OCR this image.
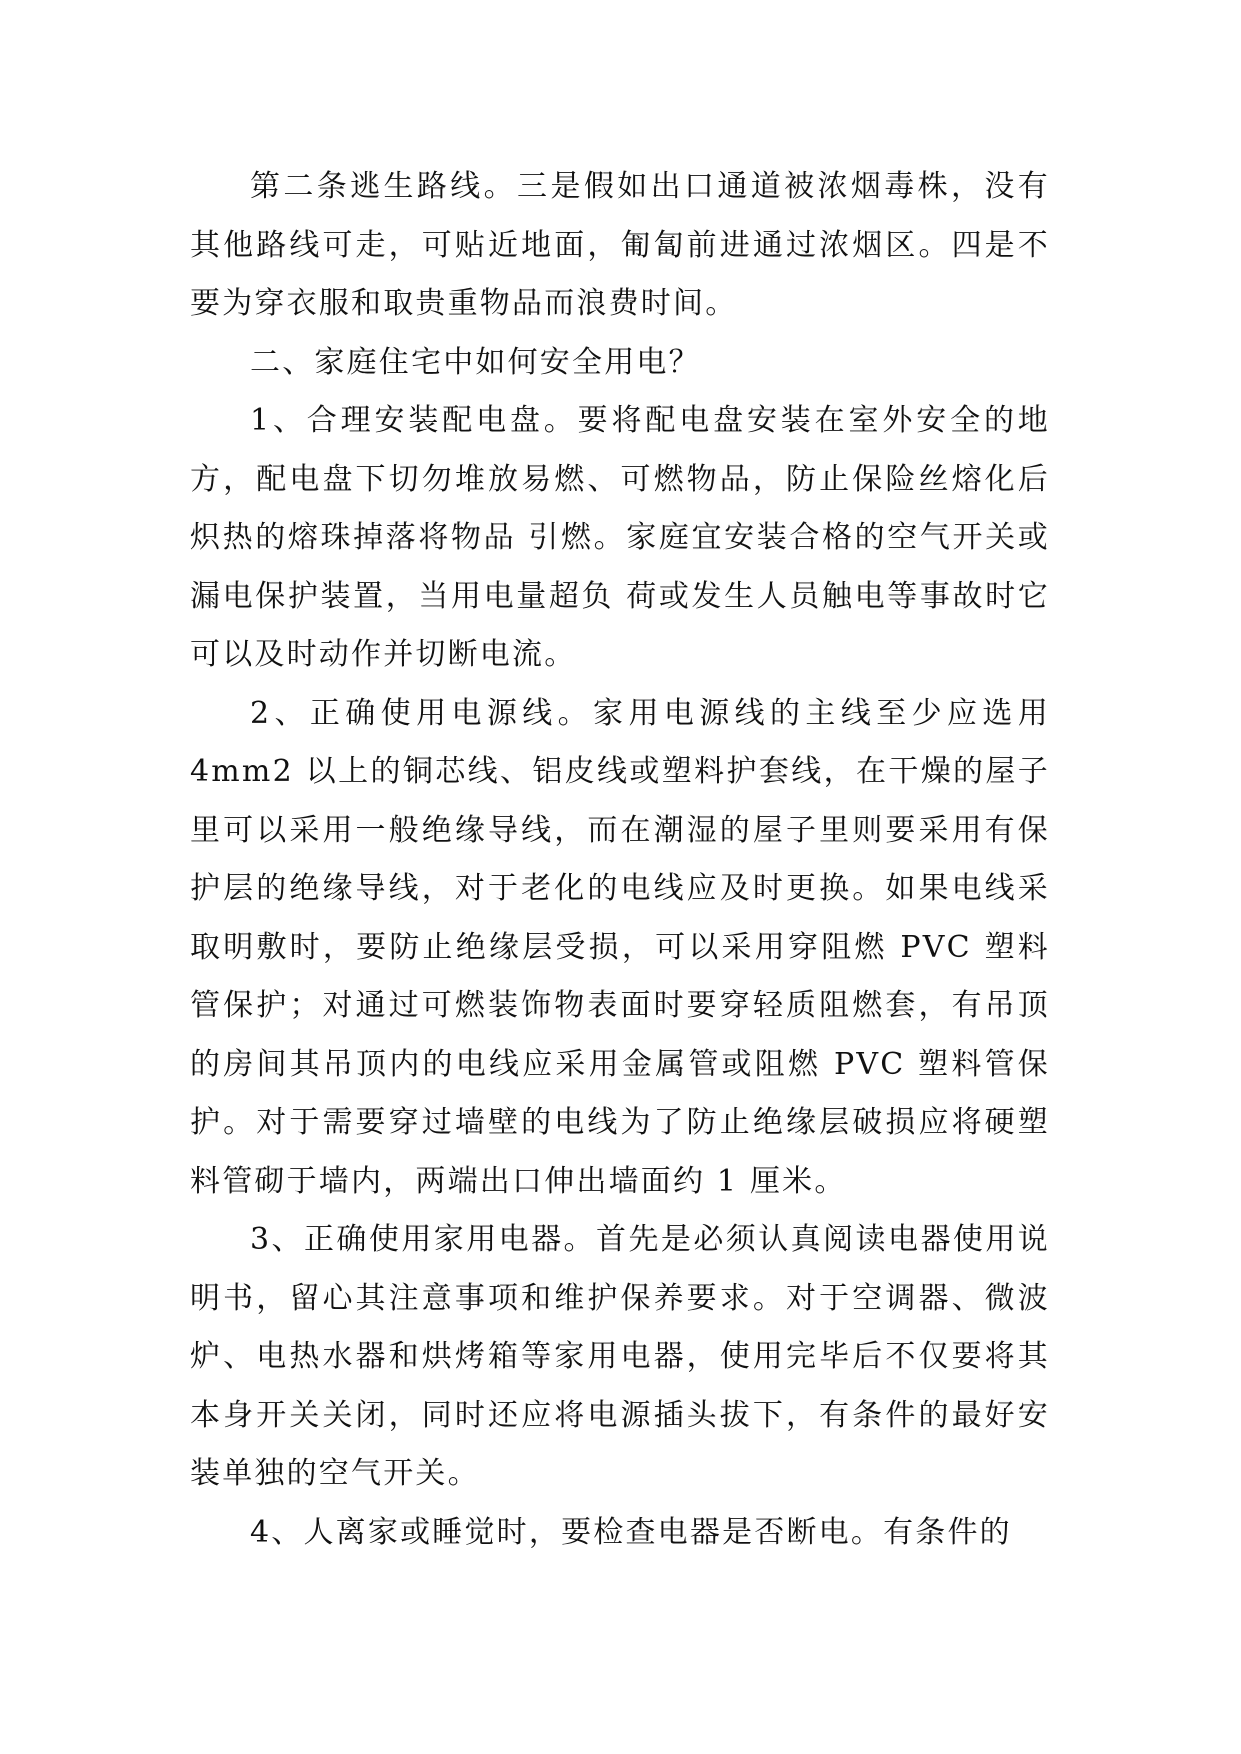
第二条逃生路线。三是假如出口通道被浓烟毒株，没有其他路线可走，可贴近地面，匍匐前进通过浓烟区。四是不要为穿衣服和取贵重物品而浪费时间。

二、家庭住宅中如何安全用电？

1、合理安装配电盘。要将配电盘安装在室外安全的地方，配电盘下切勿堆放易燃、可燃物品，防止保险丝熔化后炽热的熔珠掉落将物品 引燃。家庭宜安装合格的空气开关或漏电保护装置，当用电量超负 荷或发生人员触电等事故时它可以及时动作并切断电流。

2、正确使用电源线。家用电源线的主线至少应选用 4mm2 以上的铜芯线、铝皮线或塑料护套线，在干燥的屋子里可以采用一般绝缘导线，而在潮湿的屋子里则要采用有保护层的绝缘导线，对于老化的电线应及时更换。如果电线采取明敷时，要防止绝缘层受损，可以采用穿阻燃 PVC 塑料管保护；对通过可燃装饰物表面时要穿轻质阻燃套，有吊顶的房间其吊顶内的电线应采用金属管或阻燃 PVC 塑料管保护。对于需要穿过墙壁的电线为了防止绝缘层破损应将硬塑料管砌于墙内，两端出口伸出墙面约 1 厘米。

3、正确使用家用电器。首先是必须认真阅读电器使用说明书，留心其注意事项和维护保养要求。对于空调器、微波炉、电热水器和烘烤箱等家用电器，使用完毕后不仅要将其本身开关关闭，同时还应将电源插头拔下，有条件的最好安装单独的空气开关。

4、人离家或睡觉时，要检查电器是否断电。有条件的
